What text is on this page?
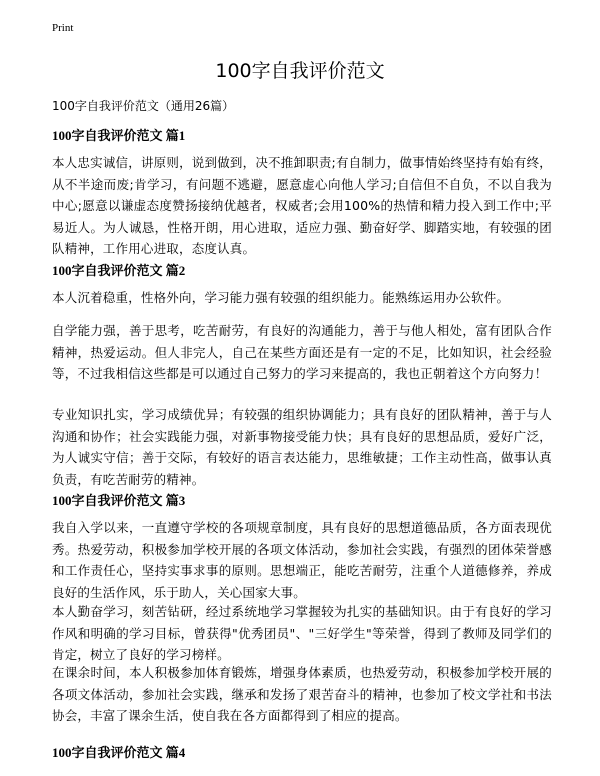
Print
100字自我评价范文
100字自我评价范文（通用26篇）
100字自我评价范文 篇1

本人忠实诚信，讲原则，说到做到，决不推卸职责;有自制力，做事情始终坚持有始有终，从不半途而废;肯学习，有问题不逃避，愿意虚心向他人学习;自信但不自负，不以自我为中心;愿意以谦虚态度赞扬接纳优越者，权威者;会用100%的热情和精力投入到工作中;平易近人。为人诚恳，性格开朗，用心进取，适应力强、勤奋好学、脚踏实地，有较强的团队精神，工作用心进取，态度认真。

100字自我评价范文 篇2

本人沉着稳重，性格外向，学习能力强有较强的组织能力。能熟练运用办公软件。

自学能力强，善于思考，吃苦耐劳，有良好的沟通能力，善于与他人相处，富有团队合作精神，热爱运动。但人非完人，自己在某些方面还是有一定的不足，比如知识，社会经验等，不过我相信这些都是可以通过自己努力的学习来提高的，我也正朝着这个方向努力！

专业知识扎实，学习成绩优异；有较强的组织协调能力；具有良好的团队精神，善于与人沟通和协作；社会实践能力强，对新事物接受能力快；具有良好的思想品质，爱好广泛，为人诚实守信；善于交际，有较好的语言表达能力，思维敏捷；工作主动性高，做事认真负责，有吃苦耐劳的精神。

100字自我评价范文 篇3

我自入学以来，一直遵守学校的各项规章制度，具有良好的思想道德品质，各方面表现优秀。热爱劳动，积极参加学校开展的各项文体活动，参加社会实践，有强烈的团体荣誉感和工作责任心，坚持实事求事的原则。思想端正，能吃苦耐劳，注重个人道德修养，养成良好的生活作风，乐于助人，关心国家大事。

本人勤奋学习，刻苦钻研，经过系统地学习掌握较为扎实的基础知识。由于有良好的学习作风和明确的学习目标，曾获得"优秀团员"、"三好学生"等荣誉，得到了教师及同学们的肯定，树立了良好的学习榜样。

在课余时间，本人积极参加体育锻炼，增强身体素质，也热爱劳动，积极参加学校开展的各项文体活动，参加社会实践，继承和发扬了艰苦奋斗的精神，也参加了校文学社和书法协会，丰富了课余生活，使自我在各方面都得到了相应的提高。

100字自我评价范文 篇4
